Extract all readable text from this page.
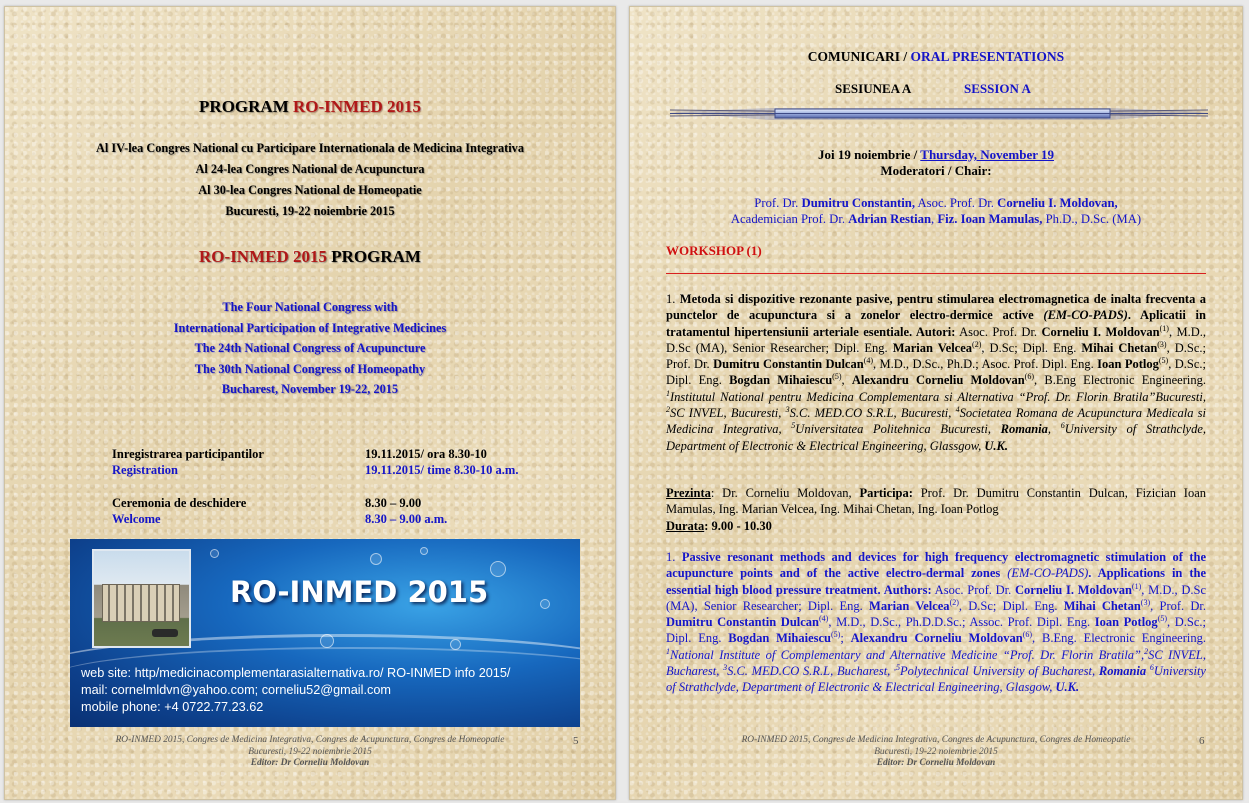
PROGRAM RO-INMED 2015
Al IV-lea Congres National cu Participare Internationala de Medicina Integrativa
Al 24-lea Congres National de Acupunctura
Al 30-lea Congres National de Homeopatie
Bucuresti, 19-22 noiembrie 2015
RO-INMED 2015 PROGRAM
The Four National Congress with
International Participation of Integrative Medicines
The 24th National Congress of Acupuncture
The 30th National Congress of Homeopathy
Bucharest, November 19-22, 2015
Inregistrarea participantilor	19.11.2015/ ora 8.30-10
Registration	19.11.2015/ time 8.30-10 a.m.
Ceremonia de deschidere	8.30 – 9.00
Welcome	8.30 – 9.00 a.m.
RO-INMED 2015
web site: http/medicinacomplementarasialternativa.ro/ RO-INMED info 2015/
mail: cornelmldvn@yahoo.com; corneliu52@gmail.com
mobile phone: +4 0722.77.23.62
RO-INMED 2015, Congres de Medicina Integrativa, Congres de Acupunctura, Congres de Homeopatie
Bucuresti, 19-22 noiembrie 2015
Editor: Dr Corneliu Moldovan
5
COMUNICARI / ORAL PRESENTATIONS
SESIUNEA A	SESSION A
Joi 19 noiembrie / Thursday, November 19
Moderatori / Chair:
Prof. Dr. Dumitru Constantin, Asoc. Prof. Dr. Corneliu I. Moldovan,
Academician Prof. Dr. Adrian Restian, Fiz. Ioan Mamulas, Ph.D., D.Sc. (MA)
WORKSHOP (1)
1. Metoda si dispozitive rezonante pasive, pentru stimularea electromagnetica de inalta frecventa a punctelor de acupunctura si a zonelor electro-dermice active (EM-CO-PADS). Aplicatii in tratamentul hipertensiunii arteriale esentiale. Autori: Asoc. Prof. Dr. Corneliu I. Moldovan$^{(1)}$, M.D., D.Sc (MA), Senior Researcher; Dipl. Eng. Marian Velcea$^{(2)}$, D.Sc; Dipl. Eng. Mihai Chetan$^{(3)}$, D.Sc.; Prof. Dr. Dumitru Constantin Dulcan$^{(4)}$, M.D., D.Sc., Ph.D.; Asoc. Prof. Dipl. Eng. Ioan Potlog$^{(5)}$, D.Sc.; Dipl. Eng. Bogdan Mihaiescu$^{(5)}$, Alexandru Corneliu Moldovan$^{(6)}$, B.Eng Electronic Engineering. $^1$Institutul National pentru Medicina Complementara si Alternativa “Prof. Dr. Florin Bratila”Bucuresti, $^2$SC INVEL, Bucuresti, $^3$S.C. MED.CO S.R.L, Bucuresti, $^4$Societatea Romana de Acupunctura Medicala si Medicina Integrativa, $^5$Universitatea Politehnica Bucuresti, Romania, $^6$University of Strathclyde, Department of Electronic & Electrical Engineering, Glassgow, U.K.
Prezinta: Dr. Corneliu Moldovan, Participa: Prof. Dr. Dumitru Constantin Dulcan, Fizician Ioan Mamulas, Ing. Marian Velcea, Ing. Mihai Chetan, Ing. Ioan Potlog
Durata: 9.00 - 10.30
1. Passive resonant methods and devices for high frequency electromagnetic stimulation of the acupuncture points and of the active electro-dermal zones (EM-CO-PADS). Applications in the essential high blood pressure treatment. Authors: Asoc. Prof. Dr. Corneliu I. Moldovan$^{(1)}$, M.D., D.Sc (MA), Senior Researcher; Dipl. Eng. Marian Velcea$^{(2)}$, D.Sc; Dipl. Eng. Mihai Chetan$^{(3)}$, Prof. Dr. Dumitru Constantin Dulcan$^{(4)}$, M.D., D.Sc., Ph.D.D.Sc.; Assoc. Prof. Dipl. Eng. Ioan Potlog$^{(5)}$, D.Sc.; Dipl. Eng. Bogdan Mihaiescu$^{(5)}$; Alexandru Corneliu Moldovan$^{(6)}$, B.Eng. Electronic Engineering. $^1$National Institute of Complementary and Alternative Medicine “Prof. Dr. Florin Bratila”,$^2$SC INVEL, Bucharest, $^3$S.C. MED.CO S.R.L, Bucharest, $^{,5}$Polytechnical University of Bucharest, Romania $^6$University of Strathclyde, Department of Electronic & Electrical Engineering, Glasgow, U.K.
RO-INMED 2015, Congres de Medicina Integrativa, Congres de Acupunctura, Congres de Homeopatie
Bucuresti, 19-22 noiembrie 2015
Editor: Dr Corneliu Moldovan
6
